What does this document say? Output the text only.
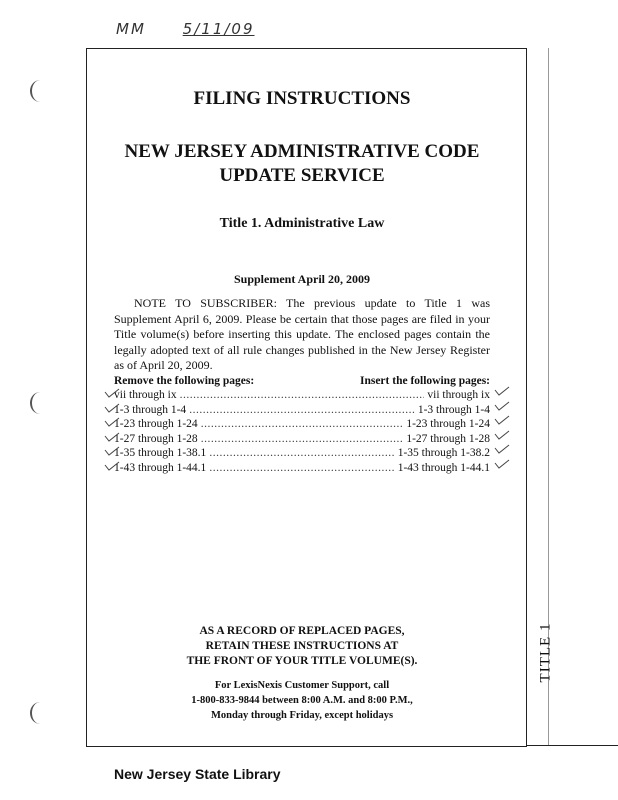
MM 5/11/09
TITLE 1
FILING INSTRUCTIONS
NEW JERSEY ADMINISTRATIVE CODE
UPDATE SERVICE
Title 1. Administrative Law
Supplement April 20, 2009
NOTE TO SUBSCRIBER: The previous update to Title 1 was Supplement April 6, 2009. Please be certain that those pages are filed in your Title volume(s) before inserting this update. The enclosed pages contain the legally adopted text of all rule changes published in the New Jersey Register as of April 20, 2009.
Remove the following pages:	Insert the following pages:
vii through ix .....	vii through ix
1-3 through 1-4 .....	1-3 through 1-4
1-23 through 1-24 .....	1-23 through 1-24
1-27 through 1-28 .....	1-27 through 1-28
1-35 through 1-38.1 .....	1-35 through 1-38.2
1-43 through 1-44.1 .....	1-43 through 1-44.1
AS A RECORD OF REPLACED PAGES,
RETAIN THESE INSTRUCTIONS AT
THE FRONT OF YOUR TITLE VOLUME(S).
For LexisNexis Customer Support, call
1-800-833-9844 between 8:00 A.M. and 8:00 P.M.,
Monday through Friday, except holidays
New Jersey State Library
